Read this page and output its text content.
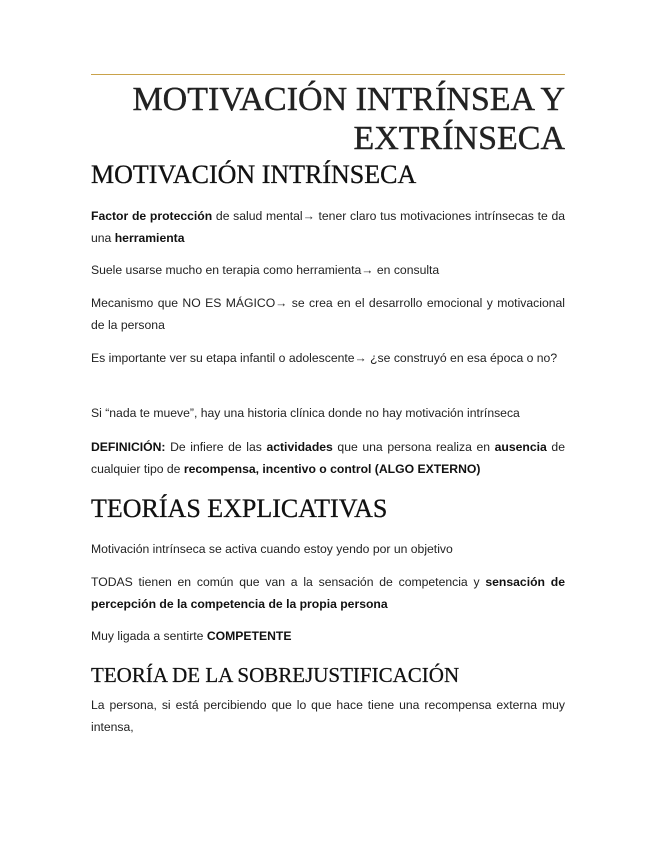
MOTIVACIÓN INTRÍNSEA Y
EXTRÍNSECA
MOTIVACIÓN INTRÍNSECA

Factor de protección de salud mental→ tener claro tus motivaciones intrínsecas te da una herramienta

Suele usarse mucho en terapia como herramienta→ en consulta

Mecanismo que NO ES MÁGICO→ se crea en el desarrollo emocional y motivacional de la persona

Es importante ver su etapa infantil o adolescente→ ¿se construyó en esa época o no?

Si “nada te mueve”, hay una historia clínica donde no hay motivación intrínseca

DEFINICIÓN: De infiere de las actividades que una persona realiza en ausencia de cualquier tipo de recompensa, incentivo o control (ALGO EXTERNO)

TEORÍAS EXPLICATIVAS

Motivación intrínseca se activa cuando estoy yendo por un objetivo

TODAS tienen en común que van a la sensación de competencia y sensación de percepción de la competencia de la propia persona

Muy ligada a sentirte COMPETENTE

TEORÍA DE LA SOBREJUSTIFICACIÓN

La persona, si está percibiendo que lo que hace tiene una recompensa externa muy intensa,
